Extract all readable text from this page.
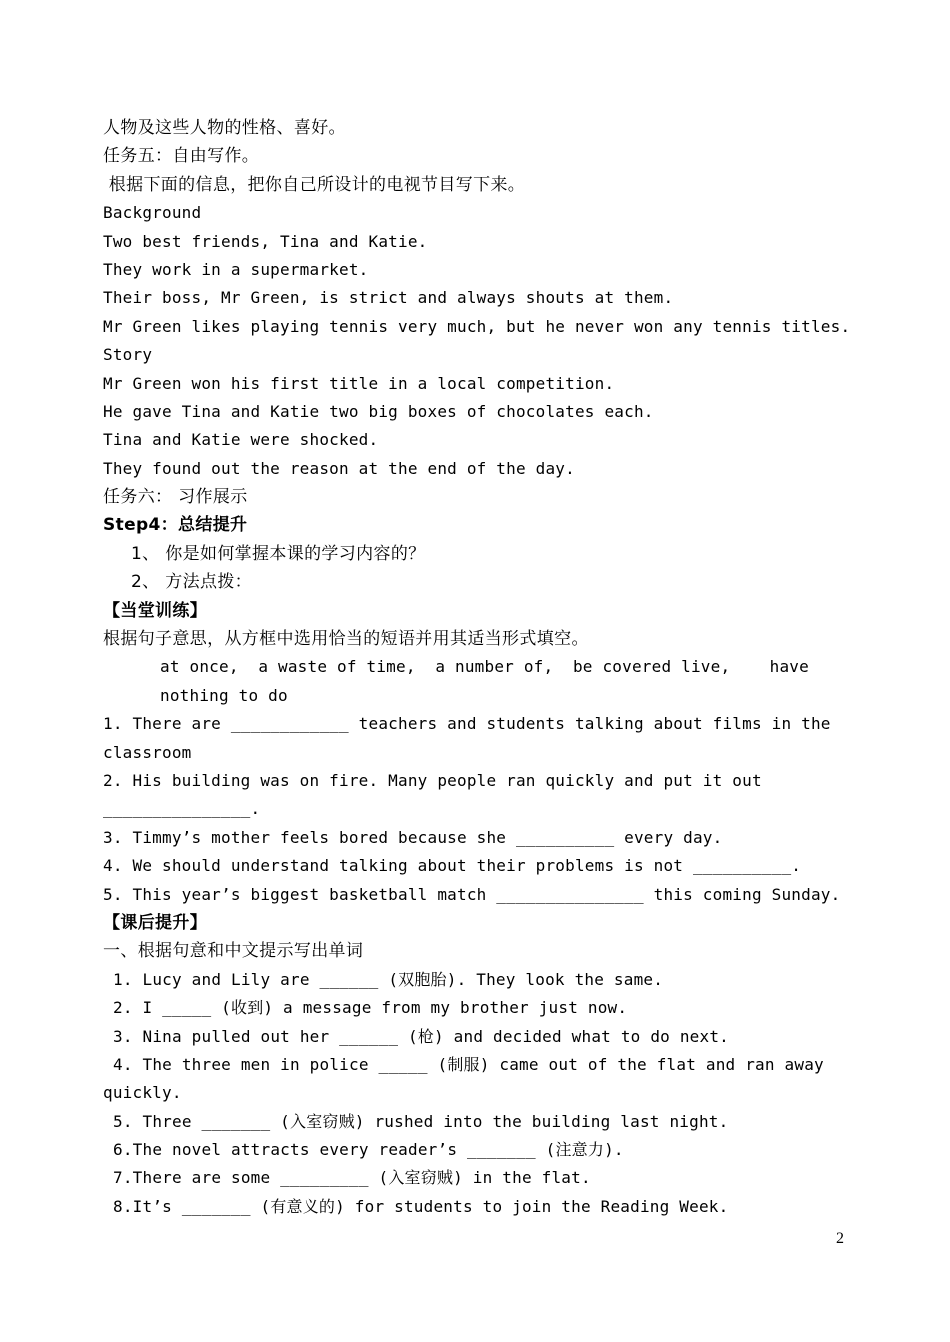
人物及这些人物的性格、喜好。
任务五：自由写作。
根据下面的信息，把你自己所设计的电视节目写下来。
Background
Two best friends, Tina and Katie.
They work in a supermarket.
Their boss, Mr Green, is strict and always shouts at them.
Mr Green likes playing tennis very much, but he never won any tennis titles.
Story
Mr Green won his first title in a local competition.
He gave Tina and Katie two big boxes of chocolates each.
Tina and Katie were shocked.
They found out the reason at the end of the day.
任务六： 习作展示
Step4：总结提升
1、 你是如何掌握本课的学习内容的？
2、 方法点拨：
【当堂训练】
根据句子意思，从方框中选用恰当的短语并用其适当形式填空。
at once,  a waste of time,  a number of,  be covered live,    have
nothing to do
1. There are ____________ teachers and students talking about films in the
classroom
2. His building was on fire. Many people ran quickly and put it out
_______________.
3. Timmy’s mother feels bored because she __________ every day.
4. We should understand talking about their problems is not __________.
5. This year’s biggest basketball match _______________ this coming Sunday.
【课后提升】
一、根据句意和中文提示写出单词
1. Lucy and Lily are ______ (双胞胎). They look the same.
2. I _____ (收到) a message from my brother just now.
3. Nina pulled out her ______ (枪) and decided what to do next.
4. The three men in police _____ (制服) came out of the flat and ran away
quickly.
5. Three _______ (入室窃贼) rushed into the building last night.
6.The novel attracts every reader’s _______ (注意力).
7.There are some _________ (入室窃贼) in the flat.
8.It’s _______ (有意义的) for students to join the Reading Week.
2
